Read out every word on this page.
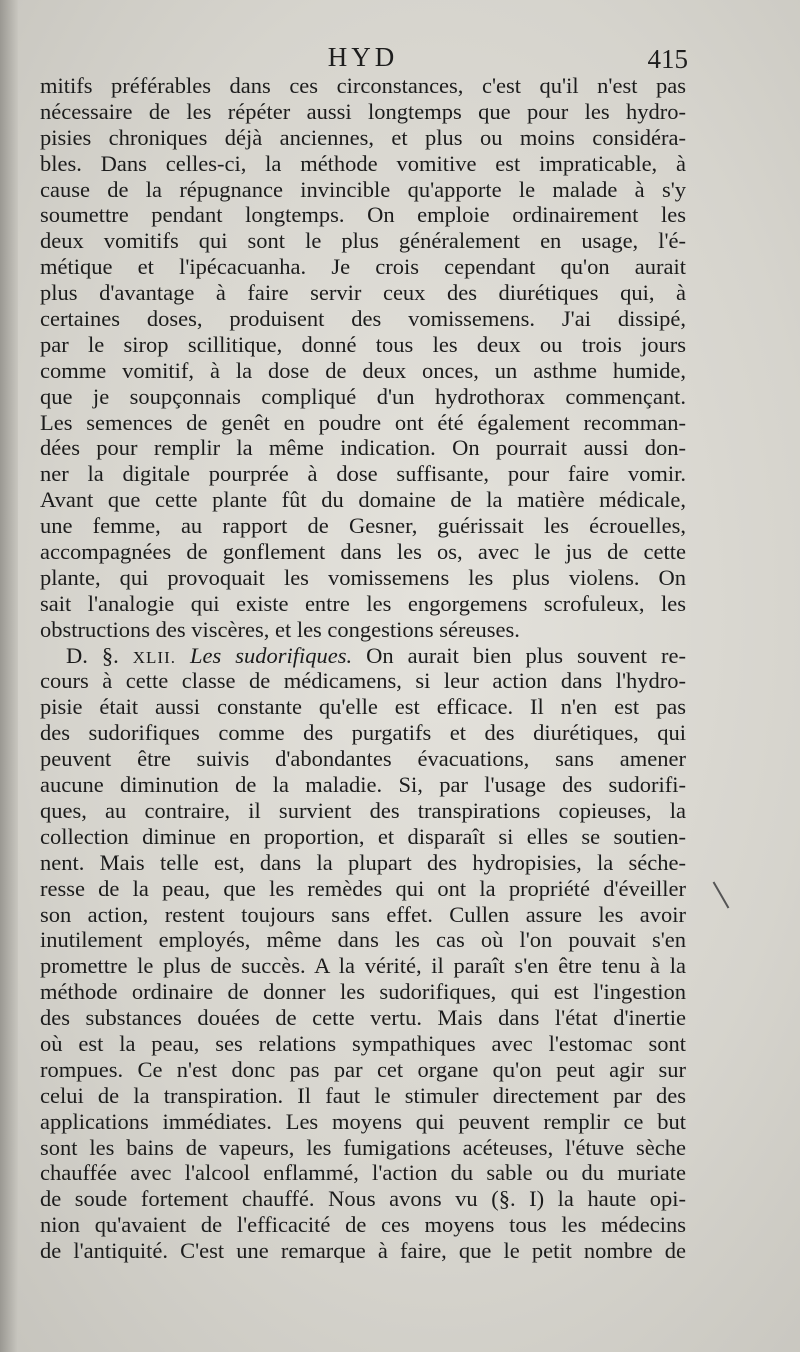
HYD	415
mitifs préférables dans ces circonstances, c'est qu'il n'est pas
nécessaire de les répéter aussi longtemps que pour les hydro-
pisies chroniques déjà anciennes, et plus ou moins considéra-
bles. Dans celles-ci, la méthode vomitive est impraticable, à
cause de la répugnance invincible qu'apporte le malade à s'y
soumettre pendant longtemps. On emploie ordinairement les
deux vomitifs qui sont le plus généralement en usage, l'é-
métique et l'ipécacuanha. Je crois cependant qu'on aurait
plus d'avantage à faire servir ceux des diurétiques qui, à
certaines doses, produisent des vomissemens. J'ai dissipé,
par le sirop scillitique, donné tous les deux ou trois jours
comme vomitif, à la dose de deux onces, un asthme humide,
que je soupçonnais compliqué d'un hydrothorax commençant.
Les semences de genêt en poudre ont été également recomman-
dées pour remplir la même indication. On pourrait aussi don-
ner la digitale pourprée à dose suffisante, pour faire vomir.
Avant que cette plante fût du domaine de la matière médicale,
une femme, au rapport de Gesner, guérissait les écrouelles,
accompagnées de gonflement dans les os, avec le jus de cette
plante, qui provoquait les vomissemens les plus violens. On
sait l'analogie qui existe entre les engorgemens scrofuleux, les
obstructions des viscères, et les congestions séreuses.
D. §. XLII. Les sudorifiques. On aurait bien plus souvent re-
cours à cette classe de médicamens, si leur action dans l'hydro-
pisie était aussi constante qu'elle est efficace. Il n'en est pas
des sudorifiques comme des purgatifs et des diurétiques, qui
peuvent être suivis d'abondantes évacuations, sans amener
aucune diminution de la maladie. Si, par l'usage des sudorifi-
ques, au contraire, il survient des transpirations copieuses, la
collection diminue en proportion, et disparaît si elles se soutien-
nent. Mais telle est, dans la plupart des hydropisies, la séche-
resse de la peau, que les remèdes qui ont la propriété d'éveiller
son action, restent toujours sans effet. Cullen assure les avoir
inutilement employés, même dans les cas où l'on pouvait s'en
promettre le plus de succès. A la vérité, il paraît s'en être tenu à la
méthode ordinaire de donner les sudorifiques, qui est l'ingestion
des substances douées de cette vertu. Mais dans l'état d'inertie
où est la peau, ses relations sympathiques avec l'estomac sont
rompues. Ce n'est donc pas par cet organe qu'on peut agir sur
celui de la transpiration. Il faut le stimuler directement par des
applications immédiates. Les moyens qui peuvent remplir ce but
sont les bains de vapeurs, les fumigations acéteuses, l'étuve sèche
chauffée avec l'alcool enflammé, l'action du sable ou du muriate
de soude fortement chauffé. Nous avons vu (§. I) la haute opi-
nion qu'avaient de l'efficacité de ces moyens tous les médecins
de l'antiquité. C'est une remarque à faire, que le petit nombre de
